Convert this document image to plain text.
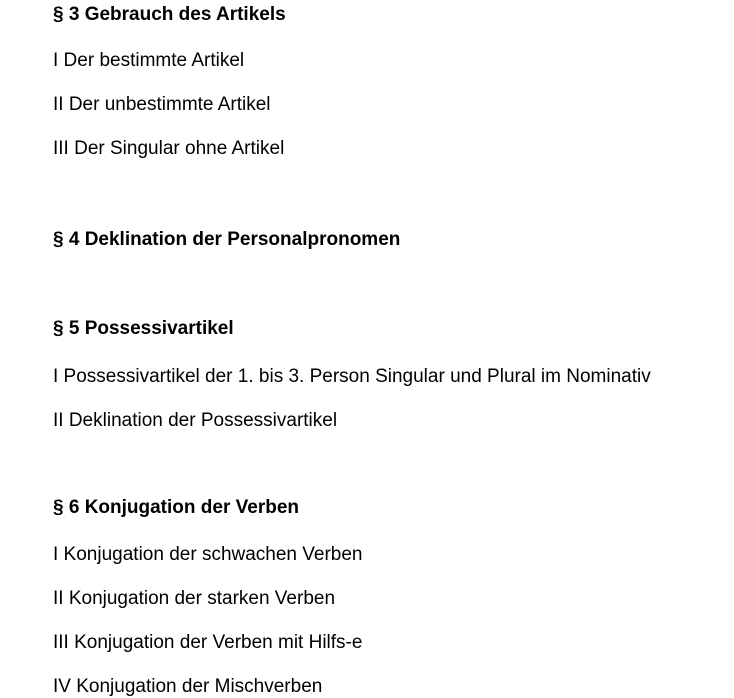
§ 3 Gebrauch des Artikels
I Der bestimmte Artikel
II Der unbestimmte Artikel
III Der Singular ohne Artikel
§ 4 Deklination der Personalpronomen
§ 5 Possessivartikel
I Possessivartikel der 1. bis 3. Person Singular und Plural im Nominativ
II Deklination der Possessivartikel
§ 6 Konjugation der Verben
I Konjugation der schwachen Verben
II Konjugation der starken Verben
III Konjugation der Verben mit Hilfs-e
IV Konjugation der Mischverben
